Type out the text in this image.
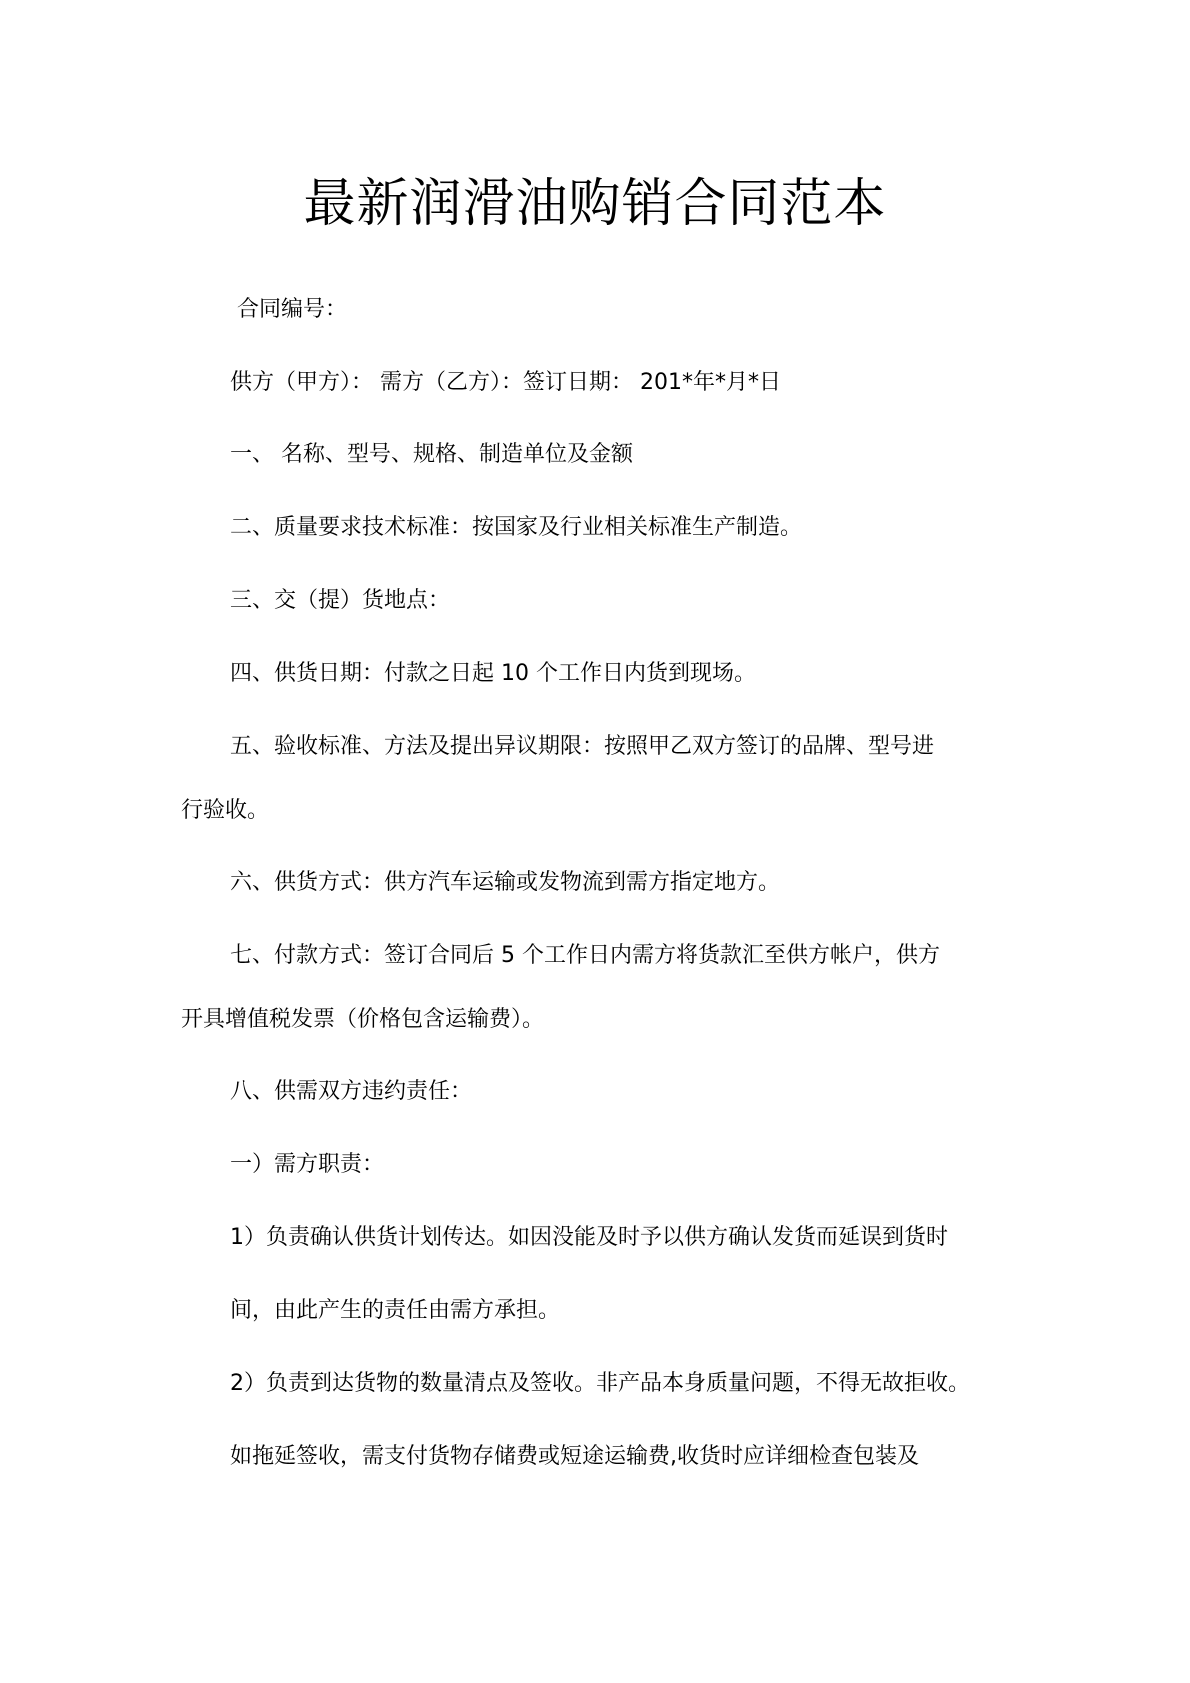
最新润滑油购销合同范本
合同编号：
供方（甲方）： 需方（乙方）：签订日期： 201*年*月*日
一、 名称、型号、规格、制造单位及金额
二、质量要求技术标准：按国家及行业相关标准生产制造。
三、交（提）货地点：
四、供货日期：付款之日起 10 个工作日内货到现场。
五、验收标准、方法及提出异议期限：按照甲乙双方签订的品牌、型号进
行验收。
六、供货方式：供方汽车运输或发物流到需方指定地方。
七、付款方式：签订合同后 5 个工作日内需方将货款汇至供方帐户，供方
开具增值税发票（价格包含运输费）。
八、供需双方违约责任：
一）需方职责：
1）负责确认供货计划传达。如因没能及时予以供方确认发货而延误到货时
间，由此产生的责任由需方承担。
2）负责到达货物的数量清点及签收。非产品本身质量问题，不得无故拒收。
如拖延签收，需支付货物存储费或短途运输费,收货时应详细检查包装及
